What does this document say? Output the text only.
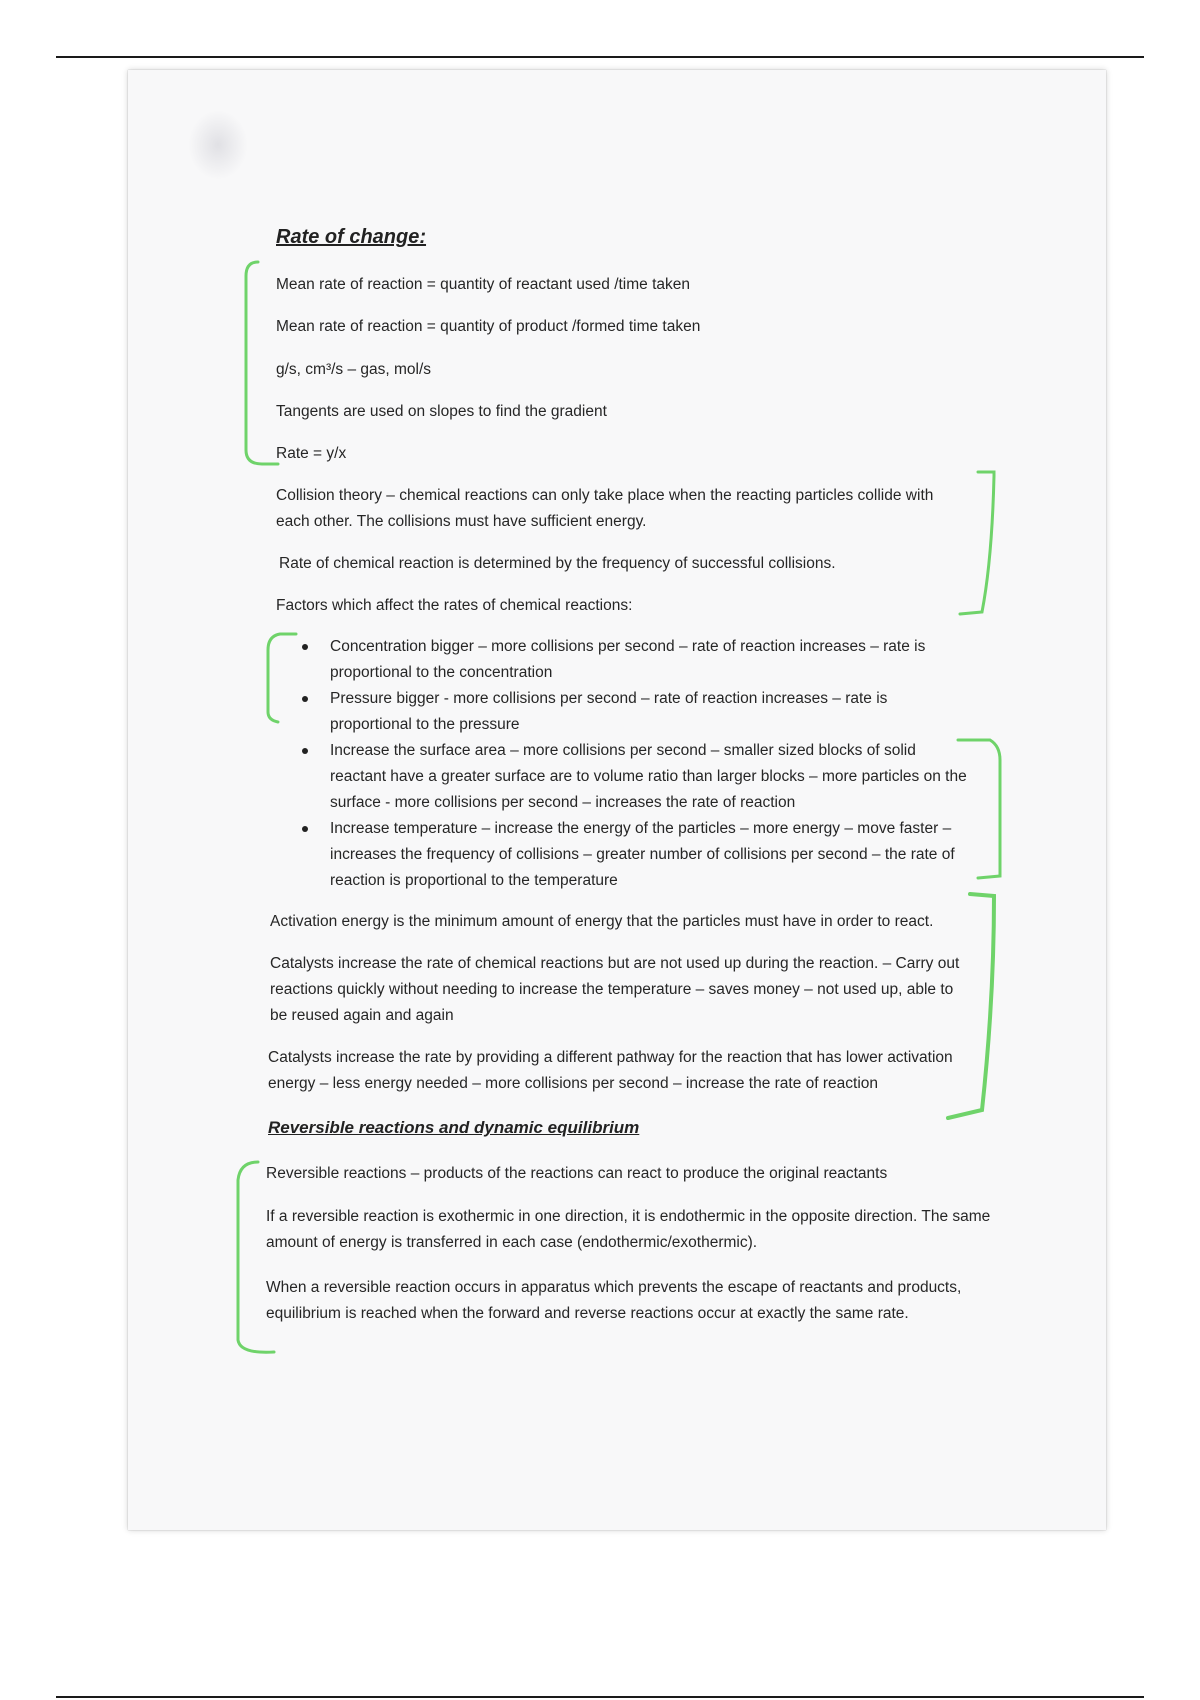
Rate of change:

Mean rate of reaction = quantity of reactant used /time taken

Mean rate of reaction = quantity of product /formed time taken

g/s, cm³/s – gas, mol/s

Tangents are used on slopes to find the gradient

Rate = y/x

Collision theory – chemical reactions can only take place when the reacting particles collide with each other. The collisions must have sufficient energy.

Rate of chemical reaction is determined by the frequency of successful collisions.

Factors which affect the rates of chemical reactions:

Concentration bigger – more collisions per second – rate of reaction increases – rate is proportional to the concentration
Pressure bigger - more collisions per second – rate of reaction increases – rate is proportional to the pressure
Increase the surface area – more collisions per second – smaller sized blocks of solid reactant have a greater surface are to volume ratio than larger blocks – more particles on the surface - more collisions per second – increases the rate of reaction
Increase temperature – increase the energy of the particles – more energy – move faster – increases the frequency of collisions – greater number of collisions per second – the rate of reaction is proportional to the temperature

Activation energy is the minimum amount of energy that the particles must have in order to react.

Catalysts increase the rate of chemical reactions but are not used up during the reaction. – Carry out reactions quickly without needing to increase the temperature – saves money – not used up, able to be reused again and again

Catalysts increase the rate by providing a different pathway for the reaction that has lower activation energy – less energy needed – more collisions per second – increase the rate of reaction

Reversible reactions and dynamic equilibrium

Reversible reactions – products of the reactions can react to produce the original reactants

If a reversible reaction is exothermic in one direction, it is endothermic in the opposite direction. The same amount of energy is transferred in each case (endothermic/exothermic).

When a reversible reaction occurs in apparatus which prevents the escape of reactants and products, equilibrium is reached when the forward and reverse reactions occur at exactly the same rate.
